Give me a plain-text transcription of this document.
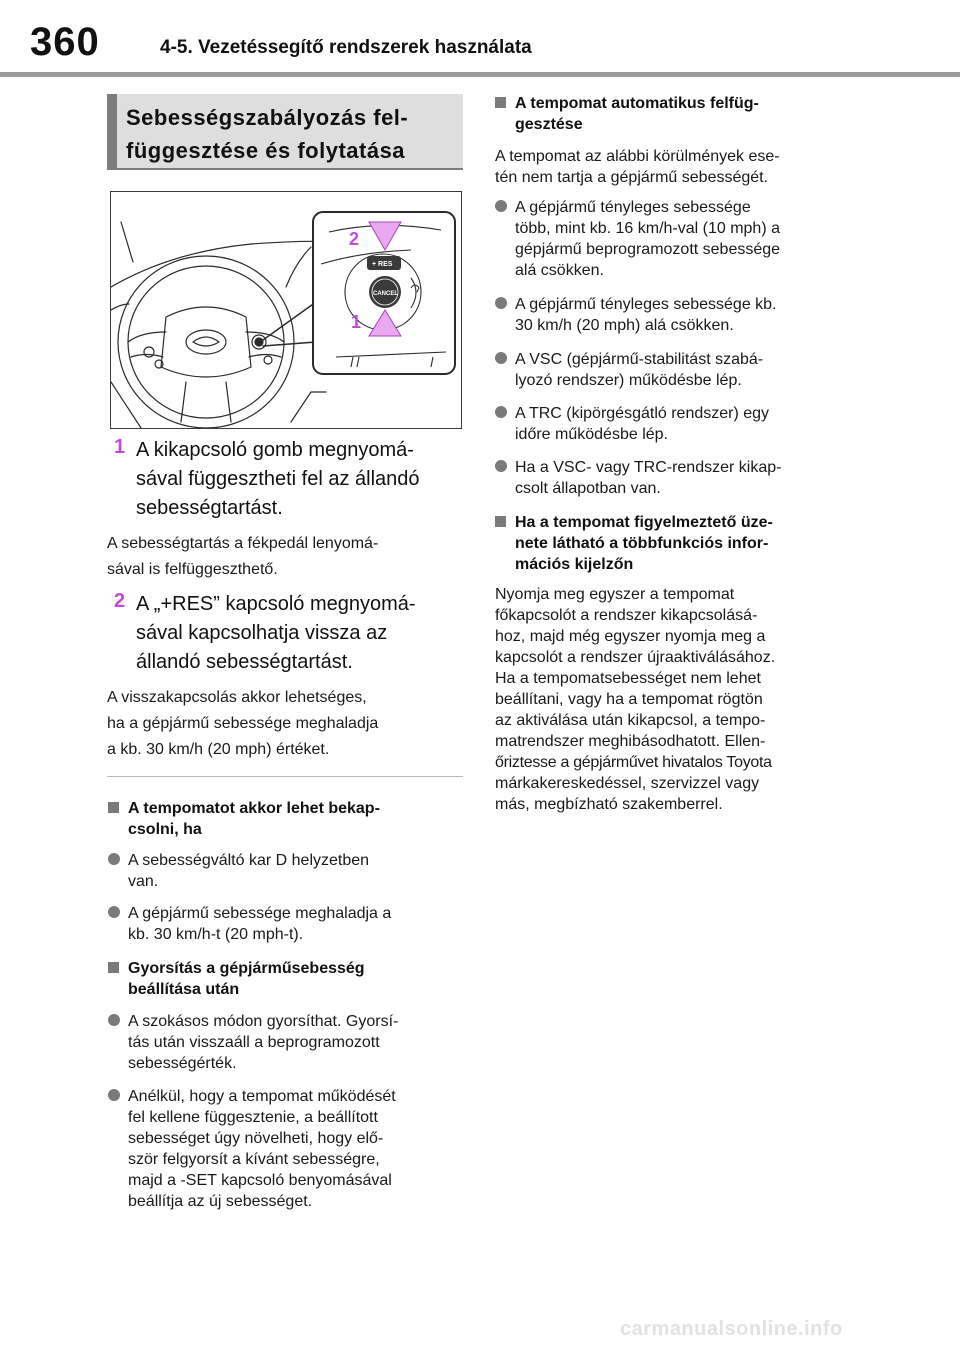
360	4-5. Vezetéssegítő rendszerek használata
Sebességszabályozás fel-
függesztése és folytatása
+ RES
CANCEL
2
1
1 A kikapcsoló gomb megnyomá-
sával függesztheti fel az állandó
sebességtartást.
A sebességtartás a fékpedál lenyomá-
sával is felfüggeszthető.
2 A „+RES” kapcsoló megnyomá-
sával kapcsolhatja vissza az
állandó sebességtartást.
A visszakapcsolás akkor lehetséges,
ha a gépjármű sebessége meghaladja
a kb. 30 km/h (20 mph) értéket.
A tempomatot akkor lehet bekap-
csolni, ha
A sebességváltó kar D helyzetben
van.
A gépjármű sebessége meghaladja a
kb. 30 km/h-t (20 mph-t).
Gyorsítás a gépjárműsebesség
beállítása után
A szokásos módon gyorsíthat. Gyorsí-
tás után visszaáll a beprogramozott
sebességérték.
Anélkül, hogy a tempomat működését
fel kellene függesztenie, a beállított
sebességet úgy növelheti, hogy elő-
ször felgyorsít a kívánt sebességre,
majd a -SET kapcsoló benyomásával
beállítja az új sebességet.
A tempomat automatikus felfüg-
gesztése
A tempomat az alábbi körülmények ese-
tén nem tartja a gépjármű sebességét.
A gépjármű tényleges sebessége
több, mint kb. 16 km/h-val (10 mph) a
gépjármű beprogramozott sebessége
alá csökken.
A gépjármű tényleges sebessége kb.
30 km/h (20 mph) alá csökken.
A VSC (gépjármű-stabilitást szabá-
lyozó rendszer) működésbe lép.
A TRC (kipörgésgátló rendszer) egy
időre működésbe lép.
Ha a VSC- vagy TRC-rendszer kikap-
csolt állapotban van.
Ha a tempomat figyelmeztető üze-
nete látható a többfunkciós infor-
mációs kijelzőn
Nyomja meg egyszer a tempomat
főkapcsolót a rendszer kikapcsolásá-
hoz, majd még egyszer nyomja meg a
kapcsolót a rendszer újraaktiválásához.
Ha a tempomatsebességet nem lehet
beállítani, vagy ha a tempomat rögtön
az aktiválása után kikapcsol, a tempo-
matrendszer meghibásodhatott. Ellen-
őriztesse a gépjárművet hivatalos Toyota
márkakereskedéssel, szervizzel vagy
más, megbízható szakemberrel.
carmanualsonline.info
